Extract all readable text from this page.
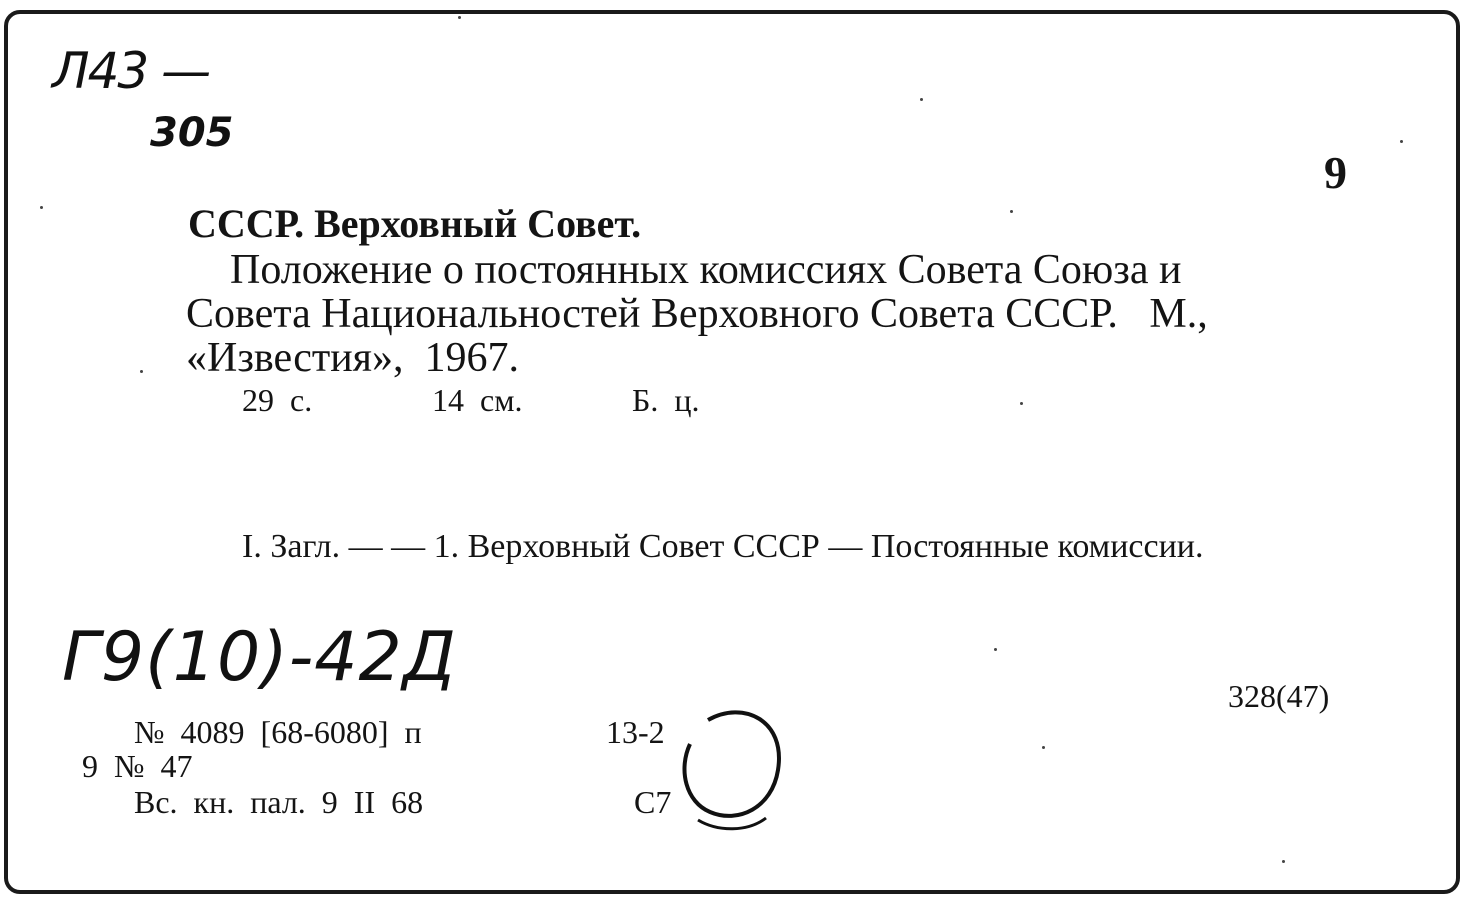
Л43 —
305
Г9(10)-42Д
9
СССР. Верховный Совет.
Положение о постоянных комиссиях Совета Союза и
Совета Национальностей Верховного Совета СССР.   М.,
«Известия»,  1967.
29  с.	14  см.	Б.  ц.
I. Загл. — — 1. Верховный Совет СССР — Постоянные комиссии.
328(47)
№  4089  [68-6080]  п	13-2
9  №  47
Вс.  кн.  пал.  9  II  68	С7
